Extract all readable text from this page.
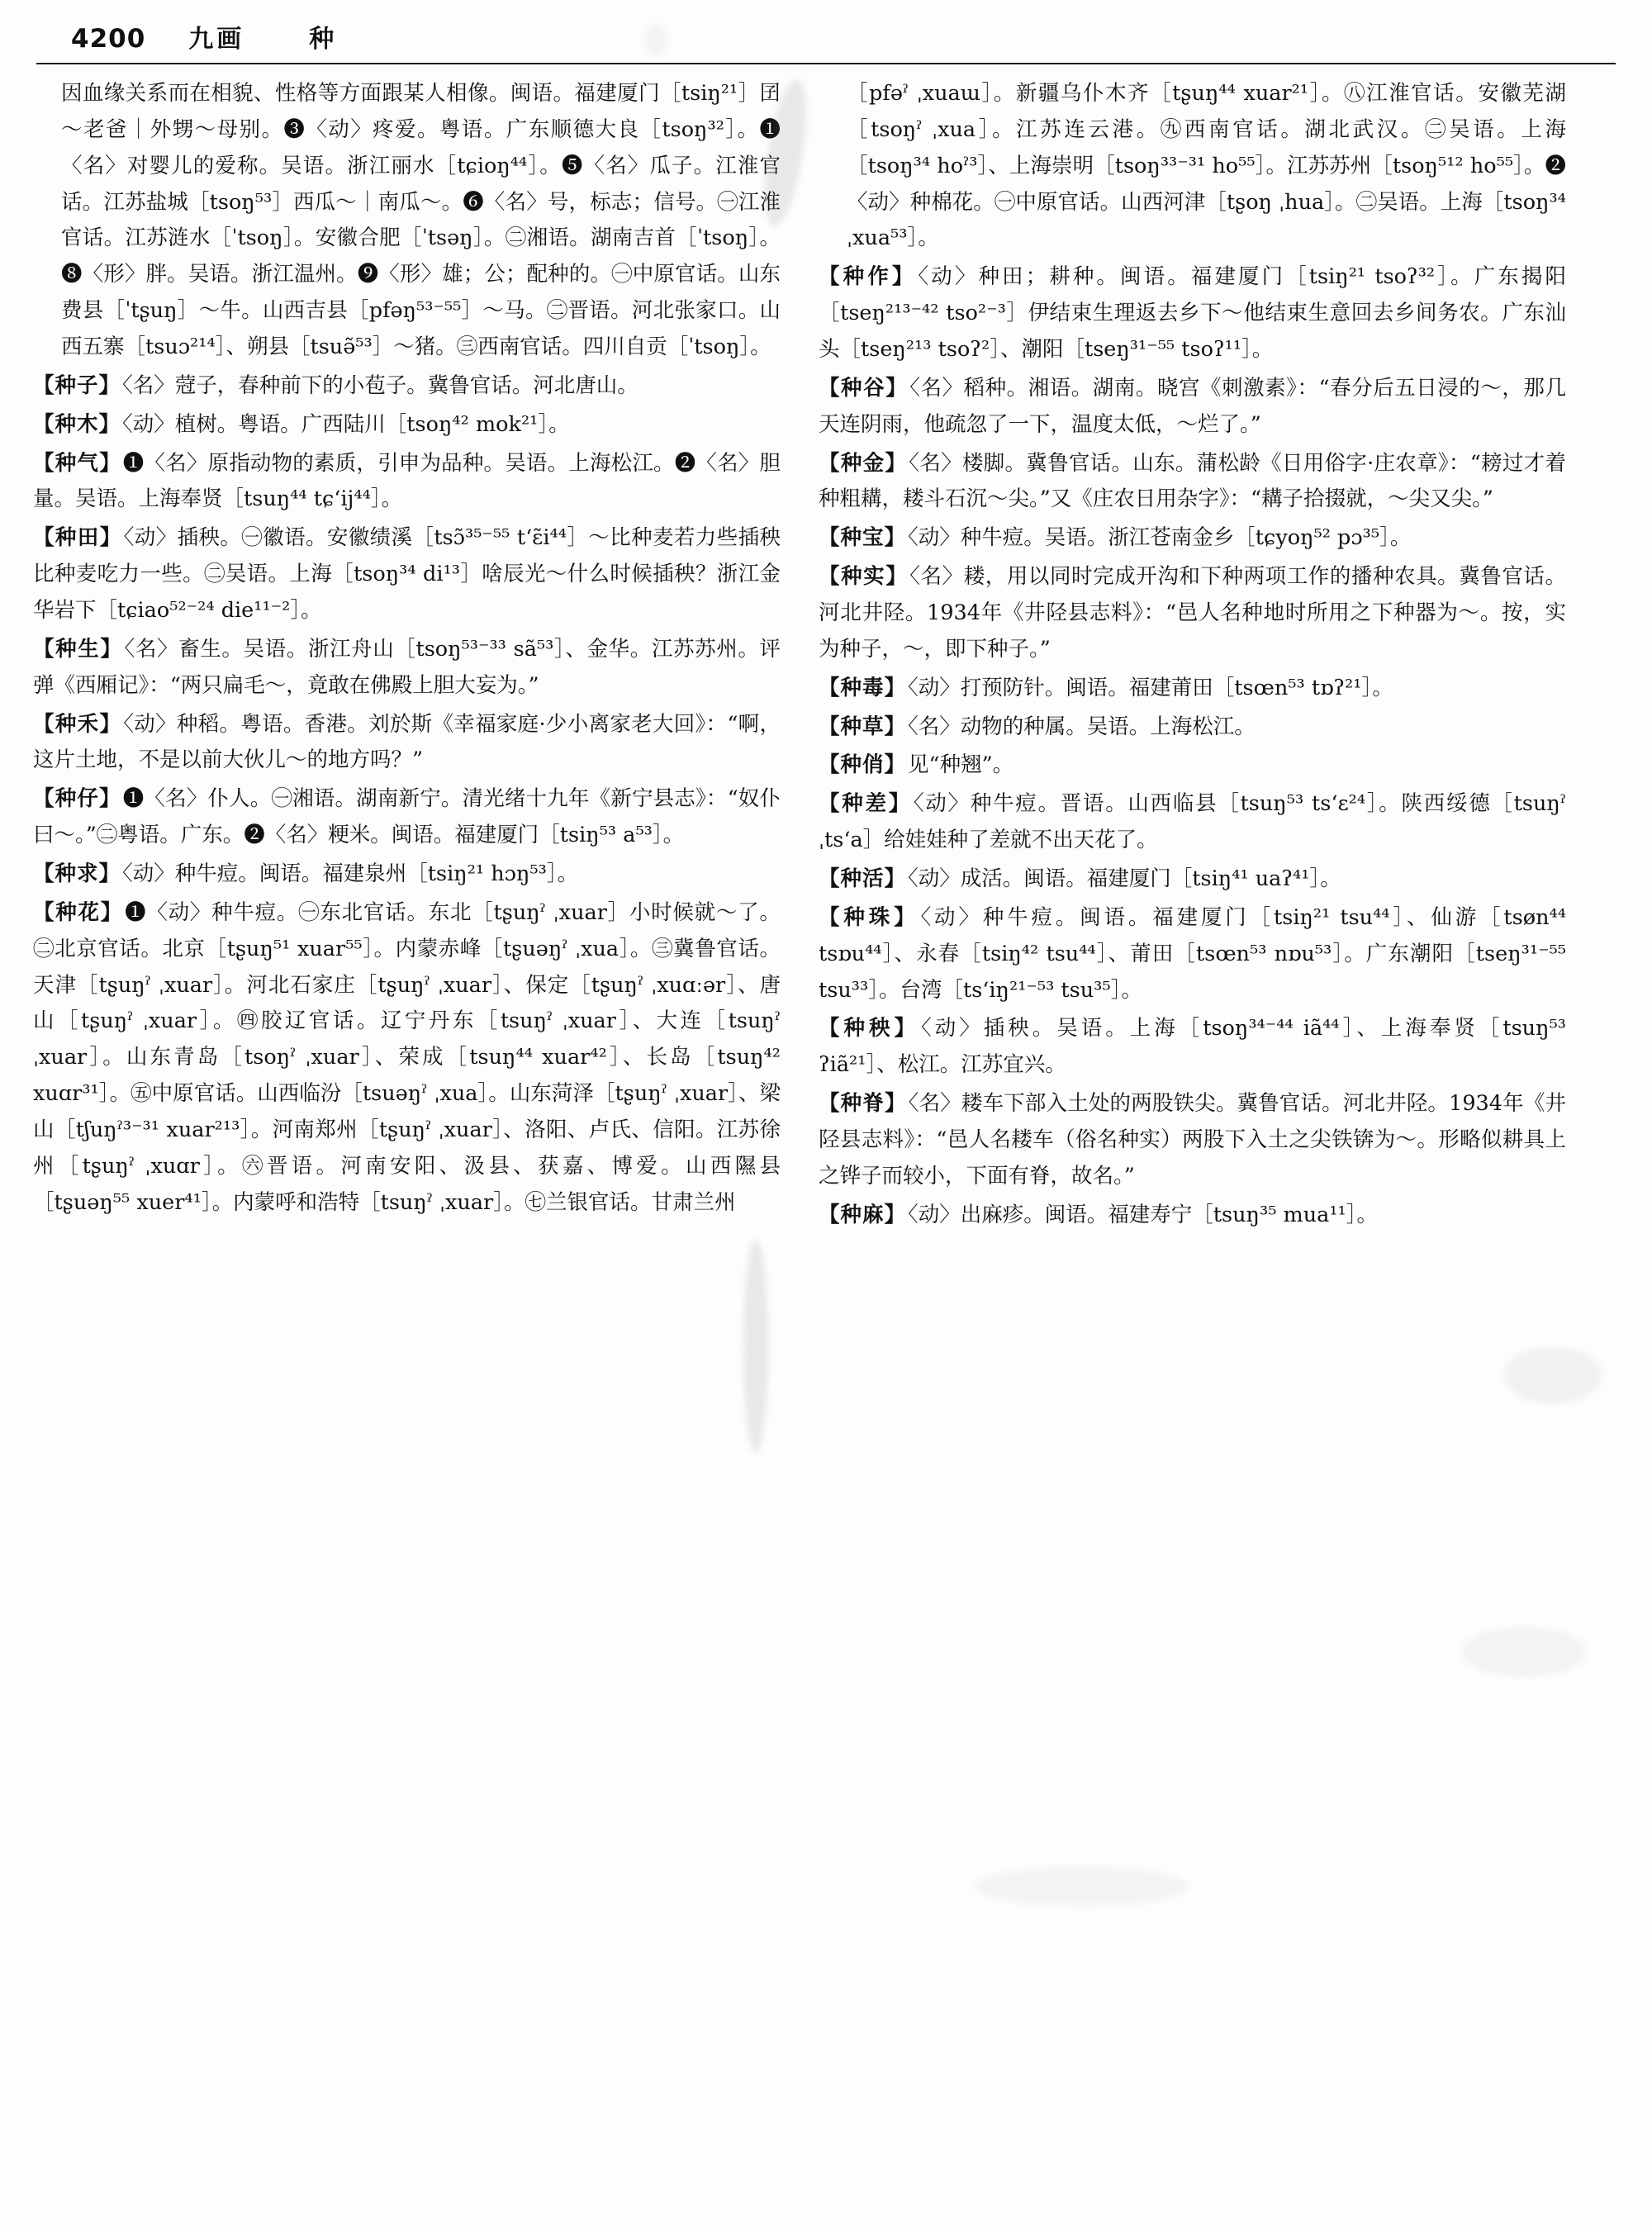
4200 九画	种
因血缘关系而在相貌、性格等方面跟某人相像。闽语。福建厦门［tsiŋ²¹］囝～老爸｜外甥～母别。❸〈动〉疼爱。粤语。广东顺德大良［tsoŋ³²］。❶〈名〉对婴儿的爱称。吴语。浙江丽水［tɕioŋ⁴⁴］。❺〈名〉瓜子。江淮官话。江苏盐城［tsoŋ⁵³］西瓜～｜南瓜～。❻〈名〉号，标志；信号。㊀江淮官话。江苏涟水［ˈtsoŋ］。安徽合肥［ˈtsəŋ］。㊁湘语。湖南吉首［ˈtsoŋ］。❽〈形〉胖。吴语。浙江温州。❾〈形〉雄；公；配种的。㊀中原官话。山东费县［ˈtʂuŋ］～牛。山西吉县［pfəŋ⁵³⁻⁵⁵］～马。㊁晋语。河北张家口。山西五寨［tsuɔ²¹⁴］、朔县［tsuə̃⁵³］～猪。㊂西南官话。四川自贡［ˈtsoŋ］。
【种子】〈名〉蒄子，春种前下的小苞子。冀鲁官话。河北唐山。
【种木】〈动〉植树。粤语。广西陆川［tsoŋ⁴² mok²¹］。
【种气】❶〈名〉原指动物的素质，引申为品种。吴语。上海松江。❷〈名〉胆量。吴语。上海奉贤［tsuŋ⁴⁴ tɕʻij⁴⁴］。
【种田】〈动〉插秧。㊀徽语。安徽绩溪［tsɔ̃³⁵⁻⁵⁵ tʻɛ̃i⁴⁴］～比种麦若力些插秧比种麦吃力一些。㊁吴语。上海［tsoŋ³⁴ di¹³］啥辰光～什么时候插秧？浙江金华岩下［tɕiao⁵²⁻²⁴ die¹¹⁻²］。
【种生】〈名〉畜生。吴语。浙江舟山［tsoŋ⁵³⁻³³ sã⁵³］、金华。江苏苏州。评弹《西厢记》：“两只扁毛～，竟敢在佛殿上胆大妄为。”
【种禾】〈动〉种稻。粤语。香港。刘於斯《幸福家庭·少小离家老大回》：“啊，这片土地，不是以前大伙儿～的地方吗？”
【种仔】❶〈名〉仆人。㊀湘语。湖南新宁。清光绪十九年《新宁县志》：“奴仆曰～。”㊁粤语。广东。❷〈名〉粳米。闽语。福建厦门［tsiŋ⁵³ a⁵³］。
【种求】〈动〉种牛痘。闽语。福建泉州［tsiŋ²¹ hɔŋ⁵³］。
【种花】❶〈动〉种牛痘。㊀东北官话。东北［tʂuŋˀ ˌxuar］小时候就～了。㊁北京官话。北京［tʂuŋ⁵¹ xuar⁵⁵］。内蒙赤峰［tʂuəŋˀ ˌxua］。㊂冀鲁官话。天津［tʂuŋˀ ˌxuar］。河北石家庄［tʂuŋˀ ˌxuar］、保定［tʂuŋˀ ˌxuɑːər］、唐山［tʂuŋˀ ˌxuar］。㊃胶辽官话。辽宁丹东［tsuŋˀ ˌxuar］、大连［tsuŋˀ ˌxuar］。山东青岛［tsoŋˀ ˌxuar］、荣成［tsuŋ⁴⁴ xuar⁴²］、长岛［tsuŋ⁴² xuɑr³¹］。㊄中原官话。山西临汾［tsuəŋˀ ˌxua］。山东菏泽［tʂuŋˀ ˌxuar］、梁山［tʃuŋˀ³⁻³¹ xuar²¹³］。河南郑州［tʂuŋˀ ˌxuar］、洛阳、卢氏、信阳。江苏徐州［tʂuŋˀ ˌxuɑr］。㊅晋语。河南安阳、汲县、获嘉、博爱。山西隰县［tʂuəŋ⁵⁵ xuer⁴¹］。内蒙呼和浩特［tsuŋˀ ˌxuar］。㊆兰银官话。甘肃兰州
［pfəˀ ˌxuaɯ］。新疆乌仆木齐［tʂuŋ⁴⁴ xuar²¹］。㊇江淮官话。安徽芜湖［tsoŋˀ ˌxua］。江苏连云港。㊈西南官话。湖北武汉。㊁吴语。上海［tsoŋ³⁴ hoˀ³］、上海崇明［tsoŋ³³⁻³¹ ho⁵⁵］。江苏苏州［tsoŋ⁵¹² ho⁵⁵］。❷〈动〉种棉花。㊀中原官话。山西河津［tʂoŋ ˌhua］。㊁吴语。上海［tsoŋ³⁴ ˌxua⁵³］。
【种作】〈动〉种田；耕种。闽语。福建厦门［tsiŋ²¹ tsoʔ³²］。广东揭阳［tseŋ²¹³⁻⁴² tso²⁻³］伊结束生理返去乡下～他结束生意回去乡间务农。广东汕头［tseŋ²¹³ tsoʔ²］、潮阳［tseŋ³¹⁻⁵⁵ tsoʔ¹¹］。
【种谷】〈名〉稻种。湘语。湖南。晓宫《刺激素》：“春分后五日浸的～，那几天连阴雨，他疏忽了一下，温度太低，～烂了。”
【种金】〈名〉楼脚。冀鲁官话。山东。蒲松龄《日用俗字·庄农章》：“耪过才着种粗耩，耧斗石沉～尖。”又《庄农日用杂字》：“耩子拾掇就，～尖又尖。”
【种宝】〈动〉种牛痘。吴语。浙江苍南金乡［tɕyoŋ⁵² pɔ³⁵］。
【种实】〈名〉耧，用以同时完成开沟和下种两项工作的播种农具。冀鲁官话。河北井陉。1934年《井陉县志料》：“邑人名种地时所用之下种器为～。按，实为种子，～，即下种子。”
【种毒】〈动〉打预防针。闽语。福建莆田［tsœn⁵³ tɒʔ²¹］。
【种草】〈名〉动物的种属。吴语。上海松江。
【种俏】见“种翘”。
【种差】〈动〉种牛痘。晋语。山西临县［tsuŋ⁵³ tsʻɛ²⁴］。陕西绥德［tsuŋˀ ˌtsʻa］给娃娃种了差就不出天花了。
【种活】〈动〉成活。闽语。福建厦门［tsiŋ⁴¹ uaʔ⁴¹］。
【种珠】〈动〉种牛痘。闽语。福建厦门［tsiŋ²¹ tsu⁴⁴］、仙游［tsøn⁴⁴ tsɒu⁴⁴］、永春［tsiŋ⁴² tsu⁴⁴］、莆田［tsœn⁵³ nɒu⁵³］。广东潮阳［tseŋ³¹⁻⁵⁵ tsu³³］。台湾［tsʻiŋ²¹⁻⁵³ tsu³⁵］。
【种秧】〈动〉插秧。吴语。上海［tsoŋ³⁴⁻⁴⁴ iã⁴⁴］、上海奉贤［tsuŋ⁵³ ʔiã²¹］、松江。江苏宜兴。
【种脊】〈名〉耧车下部入土处的两股铁尖。冀鲁官话。河北井陉。1934年《井陉县志料》：“邑人名耧车（俗名种实）两股下入土之尖铁锛为～。形略似耕具上之铧子而较小，下面有脊，故名。”
【种麻】〈动〉出麻疹。闽语。福建寿宁［tsuŋ³⁵ mua¹¹］。
